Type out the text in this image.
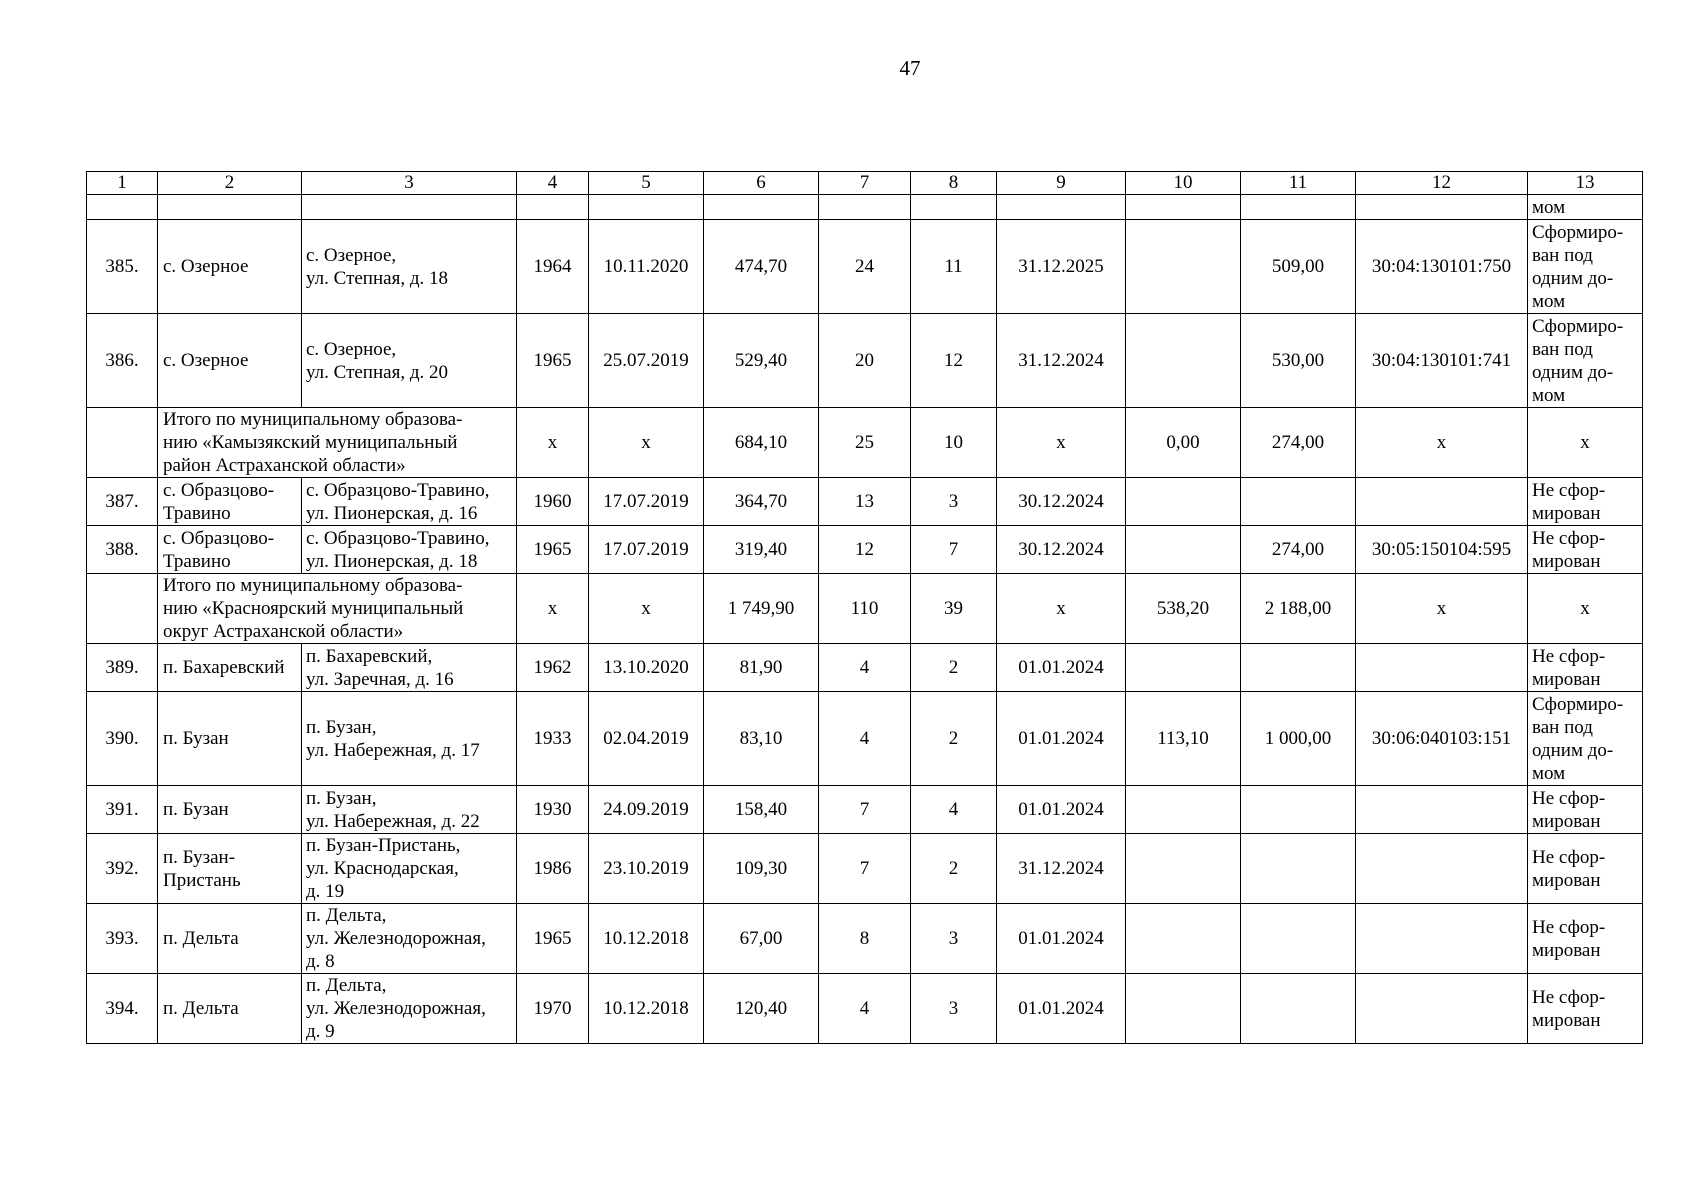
47
1	2	3	4	5	6	7	8	9	10	11	12	13
												мом
385.	с. Озерное	с. Озерное,
ул. Степная, д. 18	1964	10.11.2020	474,70	24	11	31.12.2025		509,00	30:04:130101:750	Сформиро-
ван под
одним до-
мом
386.	с. Озерное	с. Озерное,
ул. Степная, д. 20	1965	25.07.2019	529,40	20	12	31.12.2024		530,00	30:04:130101:741	Сформиро-
ван под
одним до-
мом
	Итого по муниципальному образова-
нию «Камызякский муниципальный
район Астраханской области»		х	х	684,10	25	10	х	0,00	274,00	х	х
387.	с. Образцово-
Травино	с. Образцово-Травино,
ул. Пионерская, д. 16	1960	17.07.2019	364,70	13	3	30.12.2024				Не сфор-
мирован
388.	с. Образцово-
Травино	с. Образцово-Травино,
ул. Пионерская, д. 18	1965	17.07.2019	319,40	12	7	30.12.2024		274,00	30:05:150104:595	Не сфор-
мирован
	Итого по муниципальному образова-
нию «Красноярский муниципальный
округ Астраханской области»		х	х	1 749,90	110	39	х	538,20	2 188,00	х	х
389.	п. Бахаревский	п. Бахаревский,
ул. Заречная, д. 16	1962	13.10.2020	81,90	4	2	01.01.2024				Не сфор-
мирован
390.	п. Бузан	п. Бузан,
ул. Набережная, д. 17	1933	02.04.2019	83,10	4	2	01.01.2024	113,10	1 000,00	30:06:040103:151	Сформиро-
ван под
одним до-
мом
391.	п. Бузан	п. Бузан,
ул. Набережная, д. 22	1930	24.09.2019	158,40	7	4	01.01.2024				Не сфор-
мирован
392.	п. Бузан-
Пристань	п. Бузан-Пристань,
ул. Краснодарская,
д. 19	1986	23.10.2019	109,30	7	2	31.12.2024				Не сфор-
мирован
393.	п. Дельта	п. Дельта,
ул. Железнодорожная,
д. 8	1965	10.12.2018	67,00	8	3	01.01.2024				Не сфор-
мирован
394.	п. Дельта	п. Дельта,
ул. Железнодорожная,
д. 9	1970	10.12.2018	120,40	4	3	01.01.2024				Не сфор-
мирован
